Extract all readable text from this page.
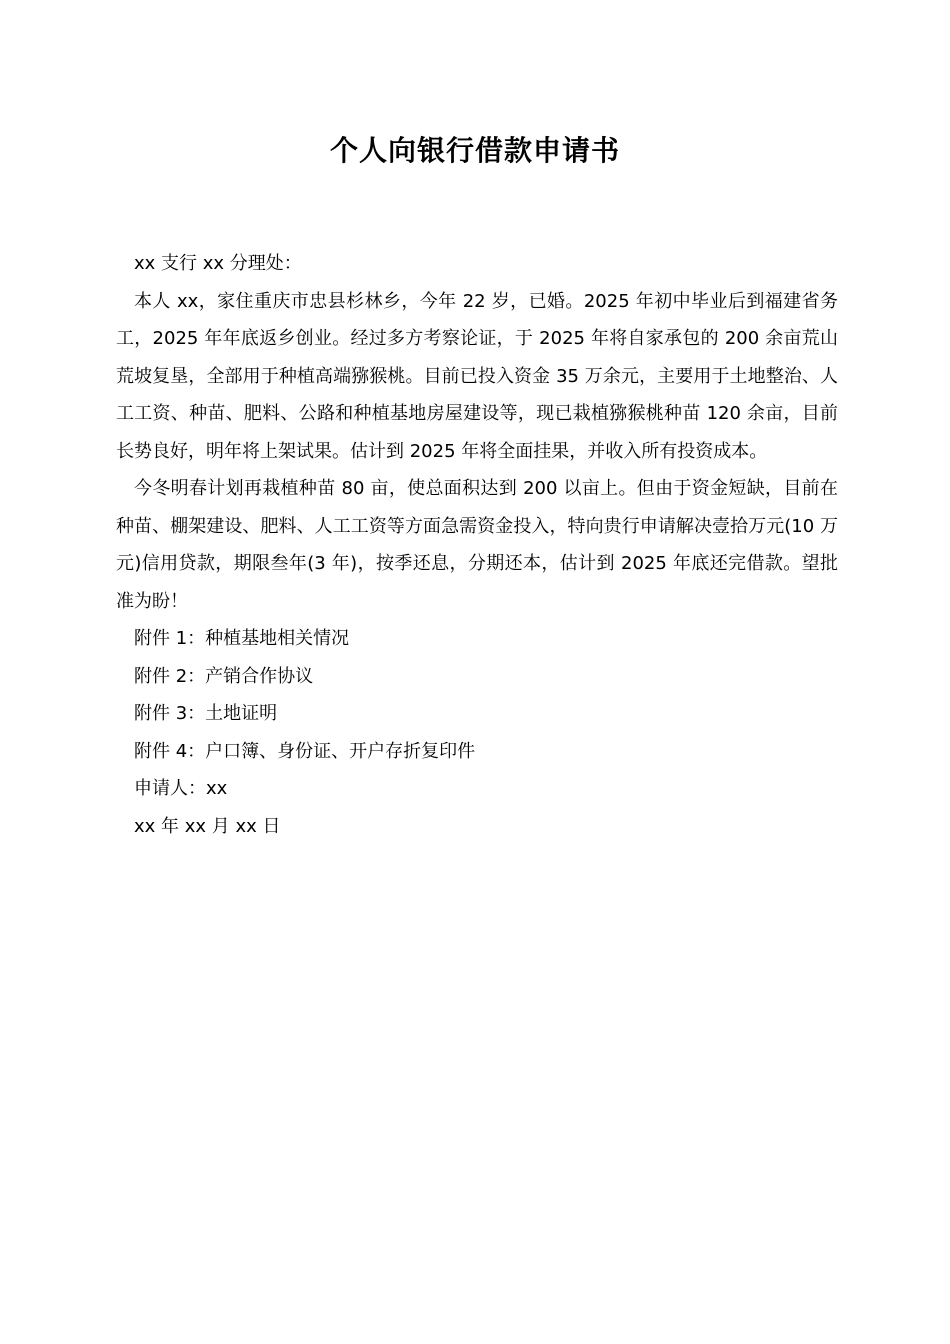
个人向银行借款申请书

xx 支行 xx 分理处：

本人 xx，家住重庆市忠县杉林乡，今年 22 岁，已婚。2025 年初中毕业后到福建省务工，2025 年年底返乡创业。经过多方考察论证，于 2025 年将自家承包的 200 余亩荒山荒坡复垦，全部用于种植高端猕猴桃。目前已投入资金 35 万余元，主要用于土地整治、人工工资、种苗、肥料、公路和种植基地房屋建设等，现已栽植猕猴桃种苗 120 余亩，目前长势良好，明年将上架试果。估计到 2025 年将全面挂果，并收入所有投资成本。

今冬明春计划再栽植种苗 80 亩，使总面积达到 200 以亩上。但由于资金短缺，目前在种苗、棚架建设、肥料、人工工资等方面急需资金投入，特向贵行申请解决壹拾万元(10 万元)信用贷款，期限叁年(3 年)，按季还息，分期还本，估计到 2025 年底还完借款。望批准为盼！

附件 1：种植基地相关情况

附件 2：产销合作协议

附件 3：土地证明

附件 4：户口簿、身份证、开户存折复印件

申请人：xx

xx 年 xx 月 xx 日
